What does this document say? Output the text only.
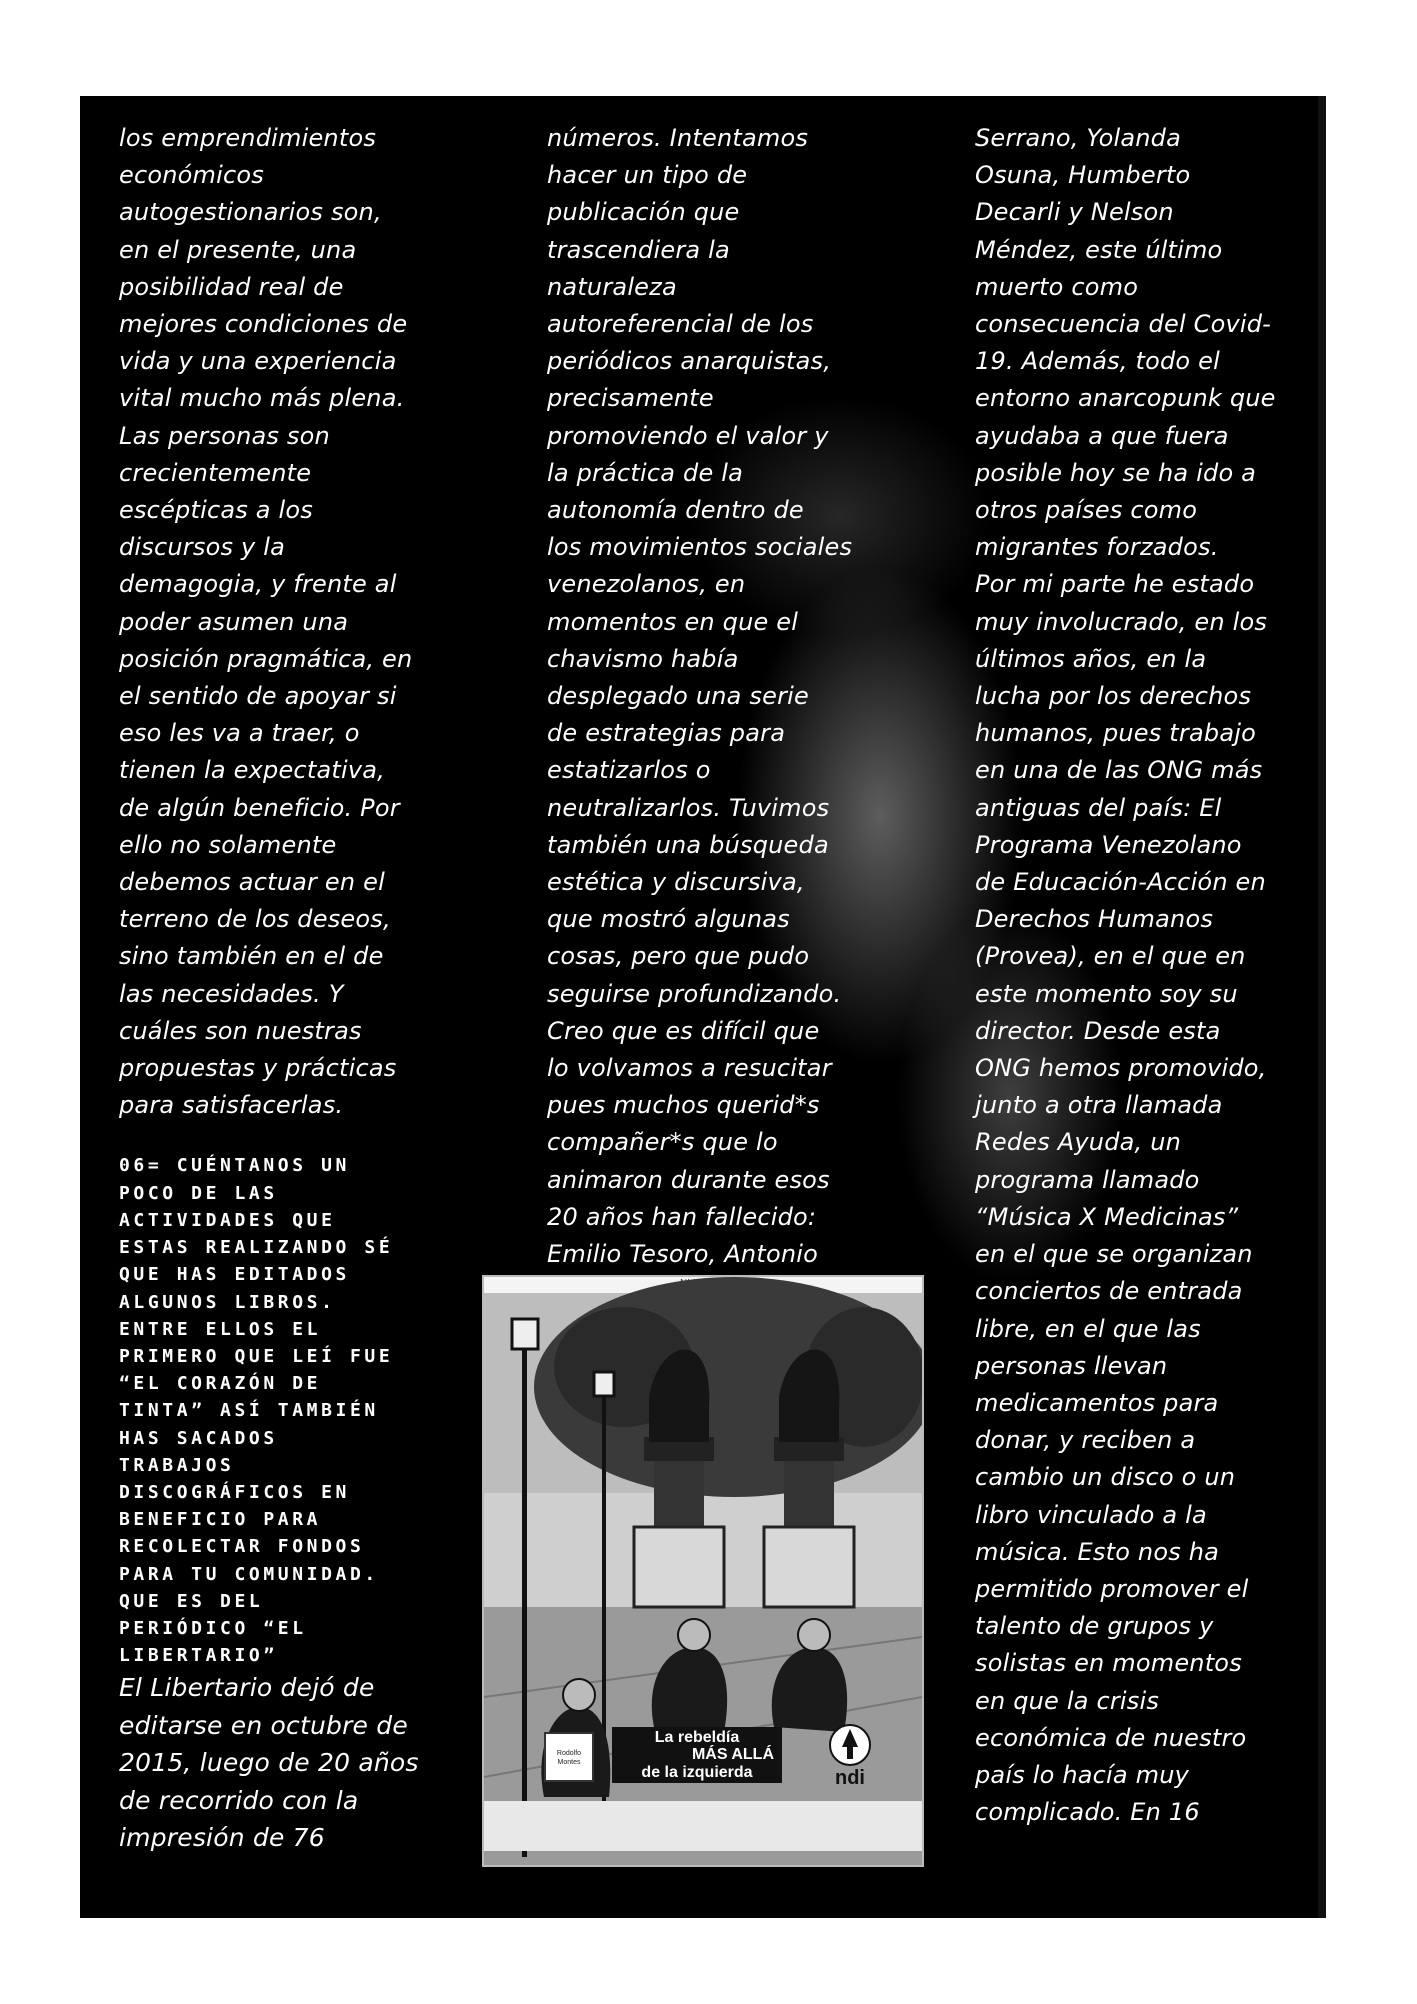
los emprendimientos
económicos
autogestionarios son,
en el presente, una
posibilidad real de
mejores condiciones de
vida y una experiencia
vital mucho más plena.
Las personas son
crecientemente
escépticas a los
discursos y la
demagogia, y frente al
poder asumen una
posición pragmática, en
el sentido de apoyar si
eso les va a traer, o
tienen la expectativa,
de algún beneficio. Por
ello no solamente
debemos actuar en el
terreno de los deseos,
sino también en el de
las necesidades. Y
cuáles son nuestras
propuestas y prácticas
para satisfacerlas.

06= CUÉNTANOS UN
POCO DE LAS
ACTIVIDADES QUE
ESTAS REALIZANDO SÉ
QUE HAS EDITADOS
ALGUNOS LIBROS.
ENTRE ELLOS EL
PRIMERO QUE LEÍ FUE
“EL CORAZÓN DE
TINTA” ASÍ TAMBIÉN
HAS SACADOS
TRABAJOS
DISCOGRÁFICOS EN
BENEFICIO PARA
RECOLECTAR FONDOS
PARA TU COMUNIDAD.
QUE ES DEL
PERIÓDICO “EL
LIBERTARIO”

El Libertario dejó de
editarse en octubre de
2015, luego de 20 años
de recorrido con la
impresión de 76

números. Intentamos
hacer un tipo de
publicación que
trascendiera la
naturaleza
autoreferencial de los
periódicos anarquistas,
precisamente
promoviendo el valor y
la práctica de la
autonomía dentro de
los movimientos sociales
venezolanos, en
momentos en que el
chavismo había
desplegado una serie
de estrategias para
estatizarlos o
neutralizarlos. Tuvimos
también una búsqueda
estética y discursiva,
que mostró algunas
cosas, pero que pudo
seguirse profundizando.
Creo que es difícil que
lo volvamos a resucitar
pues muchos querid*s
compañer*s que lo
animaron durante esos
20 años han fallecido:
Emilio Tesoro, Antonio

Serrano, Yolanda
Osuna, Humberto
Decarli y Nelson
Méndez, este último
muerto como
consecuencia del Covid-
19. Además, todo el
entorno anarcopunk que
ayudaba a que fuera
posible hoy se ha ido a
otros países como
migrantes forzados.
Por mi parte he estado
muy involucrado, en los
últimos años, en la
lucha por los derechos
humanos, pues trabajo
en una de las ONG más
antiguas del país: El
Programa Venezolano
de Educación-Acción en
Derechos Humanos
(Provea), en el que en
este momento soy su
director. Desde esta
ONG hemos promovido,
junto a otra llamada
Redes Ayuda, un
programa llamado
“Música X Medicinas”
en el que se organizan
conciertos de entrada
libre, en el que las
personas llevan
medicamentos para
donar, y reciben a
cambio un disco o un
libro vinculado a la
música. Esto nos ha
permitido promover el
talento de grupos y
solistas en momentos
en que la crisis
económica de nuestro
país lo hacía muy
complicado. En 16

Rodolfo
Montes
La rebeldía
MÁS ALLÁ
de la izquierda	ndi
